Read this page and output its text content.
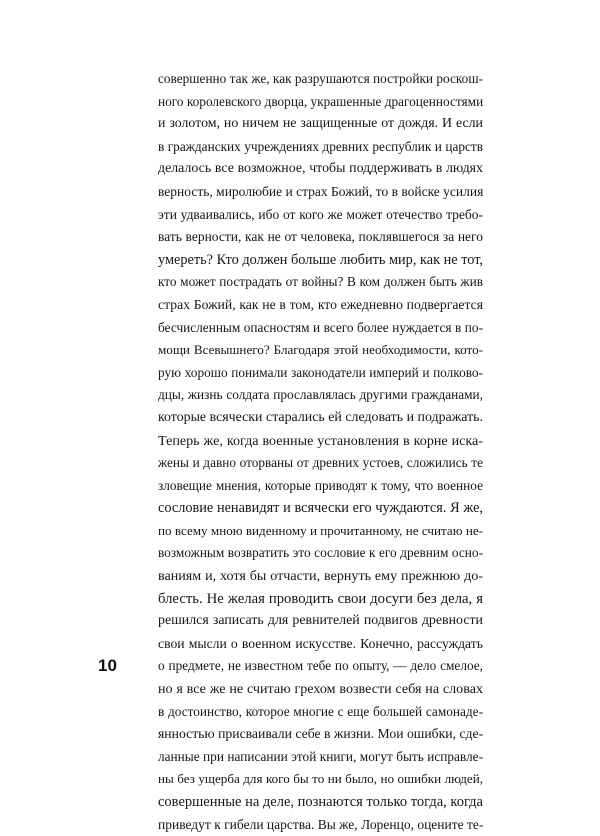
совершенно так же, как разрушаются постройки роскош-
ного королевского дворца, украшенные драгоценностями
и золотом, но ничем не защищенные от дождя. И если
в гражданских учреждениях древних республик и царств
делалось все возможное, чтобы поддерживать в людях
верность, миролюбие и страх Божий, то в войске усилия
эти удваивались, ибо от кого же может отечество требо-
вать верности, как не от человека, поклявшегося за него
умереть? Кто должен больше любить мир, как не тот,
кто может пострадать от войны? В ком должен быть жив
страх Божий, как не в том, кто ежедневно подвергается
бесчисленным опасностям и всего более нуждается в по-
мощи Всевышнего? Благодаря этой необходимости, кото-
рую хорошо понимали законодатели империй и полково-
дцы, жизнь солдата прославлялась другими гражданами,
которые всячески старались ей следовать и подражать.
Теперь же, когда военные установления в корне иска-
жены и давно оторваны от древних устоев, сложились те
зловещие мнения, которые приводят к тому, что военное
сословие ненавидят и всячески его чуждаются. Я же,
по всему мною виденному и прочитанному, не считаю не-
возможным возвратить это сословие к его древним осно-
ваниям и, хотя бы отчасти, вернуть ему прежнюю до-
блесть. Не желая проводить свои досуги без дела, я
решился записать для ревнителей подвигов древности
свои мысли о военном искусстве. Конечно, рассуждать
о предмете, не известном тебе по опыту, — дело смелое,
но я все же не считаю грехом возвести себя на словах
в достоинство, которое многие с еще большей самонаде-
янностью присваивали себе в жизни. Мои ошибки, сде-
ланные при написании этой книги, могут быть исправле-
ны без ущерба для кого бы то ни было, но ошибки людей,
совершенные на деле, познаются только тогда, когда
приведут к гибели царства. Вы же, Лоренцо, оцените те-
10
